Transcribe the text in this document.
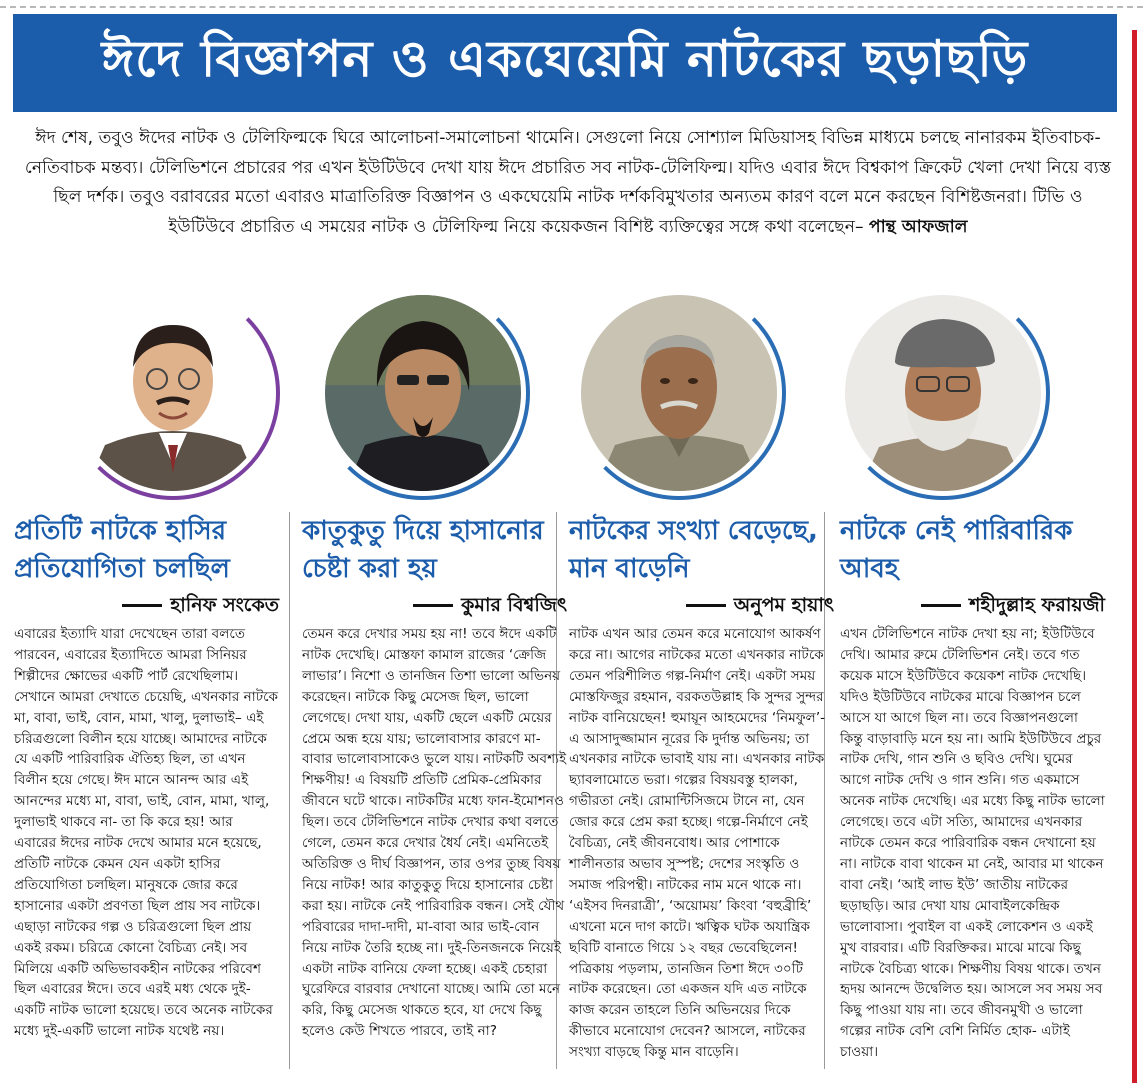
ঈদে বিজ্ঞাপন ও একঘেয়েমি নাটকের ছড়াছড়ি
ঈদ শেষ, তবুও ঈদের নাটক ও টেলিফিল্মকে ঘিরে আলোচনা-সমালোচনা থামেনি। সেগুলো নিয়ে সোশ্যাল মিডিয়াসহ বিভিন্ন মাধ্যমে চলছে নানারকম ইতিবাচক-নেতিবাচক মন্তব্য। টেলিভিশনে প্রচারের পর এখন ইউটিউবে দেখা যায় ঈদে প্রচারিত সব নাটক-টেলিফিল্ম। যদিও এবার ঈদে বিশ্বকাপ ক্রিকেট খেলা দেখা নিয়ে ব্যস্ত ছিল দর্শক। তবুও বরাবরের মতো এবারও মাত্রাতিরিক্ত বিজ্ঞাপন ও একঘেয়েমি নাটক দর্শকবিমুখতার অন্যতম কারণ বলে মনে করছেন বিশিষ্টজনরা। টিভি ও ইউটিউবে প্রচারিত এ সময়ের নাটক ও টেলিফিল্ম নিয়ে কয়েকজন বিশিষ্ট ব্যক্তিত্বের সঙ্গে কথা বলেছেন– পান্থ আফজাল
প্রতিটি নাটকে হাসির প্রতিযোগিতা চলছিল
হানিফ সংকেত
এবারের ইত্যাদি যারা দেখেছেন তারা বলতে পারবেন, এবারের ইত্যাদিতে আমরা সিনিয়র শিল্পীদের ক্ষোভের একটি পার্ট রেখেছিলাম। সেখানে আমরা দেখাতে চেয়েছি, এখনকার নাটকে মা, বাবা, ভাই, বোন, মামা, খালু, দুলাভাই– এই চরিত্রগুলো বিলীন হয়ে যাচ্ছে। আমাদের নাটকে যে একটি পারিবারিক ঐতিহ্য ছিল, তা এখন বিলীন হয়ে গেছে। ঈদ মানে আনন্দ আর এই আনন্দের মধ্যে মা, বাবা, ভাই, বোন, মামা, খালু, দুলাভাই থাকবে না- তা কি করে হয়! আর এবারের ঈদের নাটক দেখে আমার মনে হয়েছে, প্রতিটি নাটকে কেমন যেন একটা হাসির প্রতিযোগিতা চলছিল। মানুষকে জোর করে হাসানোর একটা প্রবণতা ছিল প্রায় সব নাটকে। এছাড়া নাটকের গল্প ও চরিত্রগুলো ছিল প্রায় একই রকম। চরিত্রে কোনো বৈচিত্র্য নেই। সব মিলিয়ে একটি অভিভাবকহীন নাটকের পরিবেশ ছিল এবারের ঈদে। তবে এরই মধ্য থেকে দুই-একটি নাটক ভালো হয়েছে। তবে অনেক নাটকের মধ্যে দুই-একটি ভালো নাটক যথেষ্ট নয়।
কাতুকুতু দিয়ে হাসানোর চেষ্টা করা হয়
কুমার বিশ্বজিৎ
তেমন করে দেখার সময় হয় না! তবে ঈদে একটি নাটক দেখেছি। মোস্তফা কামাল রাজের ‘ক্রেজি লাভার’। নিশো ও তানজিন তিশা ভালো অভিনয় করেছেন। নাটকে কিছু মেসেজ ছিল, ভালো লেগেছে। দেখা যায়, একটি ছেলে একটি মেয়ের প্রেমে অন্ধ হয়ে যায়; ভালোবাসার কারণে মা-বাবার ভালোবাসাকেও ভুলে যায়। নাটকটি অবশ্যই শিক্ষণীয়! এ বিষয়টি প্রতিটি প্রেমিক-প্রেমিকার জীবনে ঘটে থাকে। নাটকটির মধ্যে ফান-ইমোশনও ছিল। তবে টেলিভিশনে নাটক দেখার কথা বলতে গেলে, তেমন করে দেখার ধৈর্য নেই। এমনিতেই অতিরিক্ত ও দীর্ঘ বিজ্ঞাপন, তার ওপর তুচ্ছ বিষয় নিয়ে নাটক! আর কাতুকুতু দিয়ে হাসানোর চেষ্টা করা হয়। নাটকে নেই পারিবারিক বন্ধন। সেই যৌথ পরিবারের দাদা-দাদী, মা-বাবা আর ভাই-বোন নিয়ে নাটক তৈরি হচ্ছে না। দুই-তিনজনকে নিয়েই একটা নাটক বানিয়ে ফেলা হচ্ছে। একই চেহারা ঘুরেফিরে বারবার দেখানো যাচ্ছে। আমি তো মনে করি, কিছু মেসেজ থাকতে হবে, যা দেখে কিছু হলেও কেউ শিখতে পারবে, তাই না?
নাটকের সংখ্যা বেড়েছে, মান বাড়েনি
অনুপম হায়াৎ
নাটক এখন আর তেমন করে মনোযোগ আকর্ষণ করে না। আগের নাটকের মতো এখনকার নাটকে তেমন পরিশীলিত গল্প-নির্মাণ নেই। একটা সময় মোস্তফিজুর রহমান, বরকতউল্লাহ কি সুন্দর সুন্দর নাটক বানিয়েছেন! হুমায়ূন আহমেদের ‘নিমফুল’-এ আসাদুজ্জামান নূরের কি দুর্দান্ত অভিনয়; তা এখনকার নাটকে ভাবাই যায় না। এখনকার নাটক ছ্যাবলামোতে ভরা। গল্পের বিষয়বস্তু হালকা, গভীরতা নেই। রোমান্টিসিজমে টানে না, যেন জোর করে প্রেম করা হচ্ছে। গল্পে-নির্মাণে নেই বৈচিত্র্য, নেই জীবনবোধ। আর পোশাকে শালীনতার অভাব সুস্পষ্ট; দেশের সংস্কৃতি ও সমাজ পরিপন্থী। নাটকের নাম মনে থাকে না। ‘এইসব দিনরাত্রী’, ‘অয়োময়’ কিংবা ‘বহুব্রীহি’ এখনো মনে দাগ কাটে। ঋত্বিক ঘটক অযান্ত্রিক ছবিটি বানাতে গিয়ে ১২ বছর ভেবেছিলেন! পত্রিকায় পড়লাম, তানজিন তিশা ঈদে ৩০টি নাটক করেছেন। তো একজন যদি এত নাটকে কাজ করেন তাহলে তিনি অভিনয়ের দিকে কীভাবে মনোযোগ দেবেন? আসলে, নাটকের সংখ্যা বাড়ছে কিন্তু মান বাড়েনি।
নাটকে নেই পারিবারিক আবহ
শহীদুল্লাহ ফরায়জী
এখন টেলিভিশনে নাটক দেখা হয় না; ইউটিউবে দেখি। আমার রুমে টেলিভিশন নেই। তবে গত কয়েক মাসে ইউটিউবে কয়েকশ নাটক দেখেছি। যদিও ইউটিউবে নাটকের মাঝে বিজ্ঞাপন চলে আসে যা আগে ছিল না। তবে বিজ্ঞাপনগুলো কিন্তু বাড়াবাড়ি মনে হয় না। আমি ইউটিউবে প্রচুর নাটক দেখি, গান শুনি ও ছবিও দেখি। ঘুমের আগে নাটক দেখি ও গান শুনি। গত একমাসে অনেক নাটক দেখেছি। এর মধ্যে কিছু নাটক ভালো লেগেছে। তবে এটা সত্যি, আমাদের এখনকার নাটকে তেমন করে পারিবারিক বন্ধন দেখানো হয় না। নাটকে বাবা থাকেন মা নেই, আবার মা থাকেন বাবা নেই। ‘আই লাভ ইউ’ জাতীয় নাটকের ছড়াছড়ি। আর দেখা যায় মোবাইলকেন্দ্রিক ভালোবাসা। পুবাইল বা একই লোকেশন ও একই মুখ বারবার। এটি বিরক্তিকর। মাঝে মাঝে কিছু নাটকে বৈচিত্র্য থাকে। শিক্ষণীয় বিষয় থাকে। তখন হৃদয় আনন্দে উদ্বেলিত হয়। আসলে সব সময় সব কিছু পাওয়া যায় না। তবে জীবনমুখী ও ভালো গল্পের নাটক বেশি বেশি নির্মিত হোক- এটাই চাওয়া।
